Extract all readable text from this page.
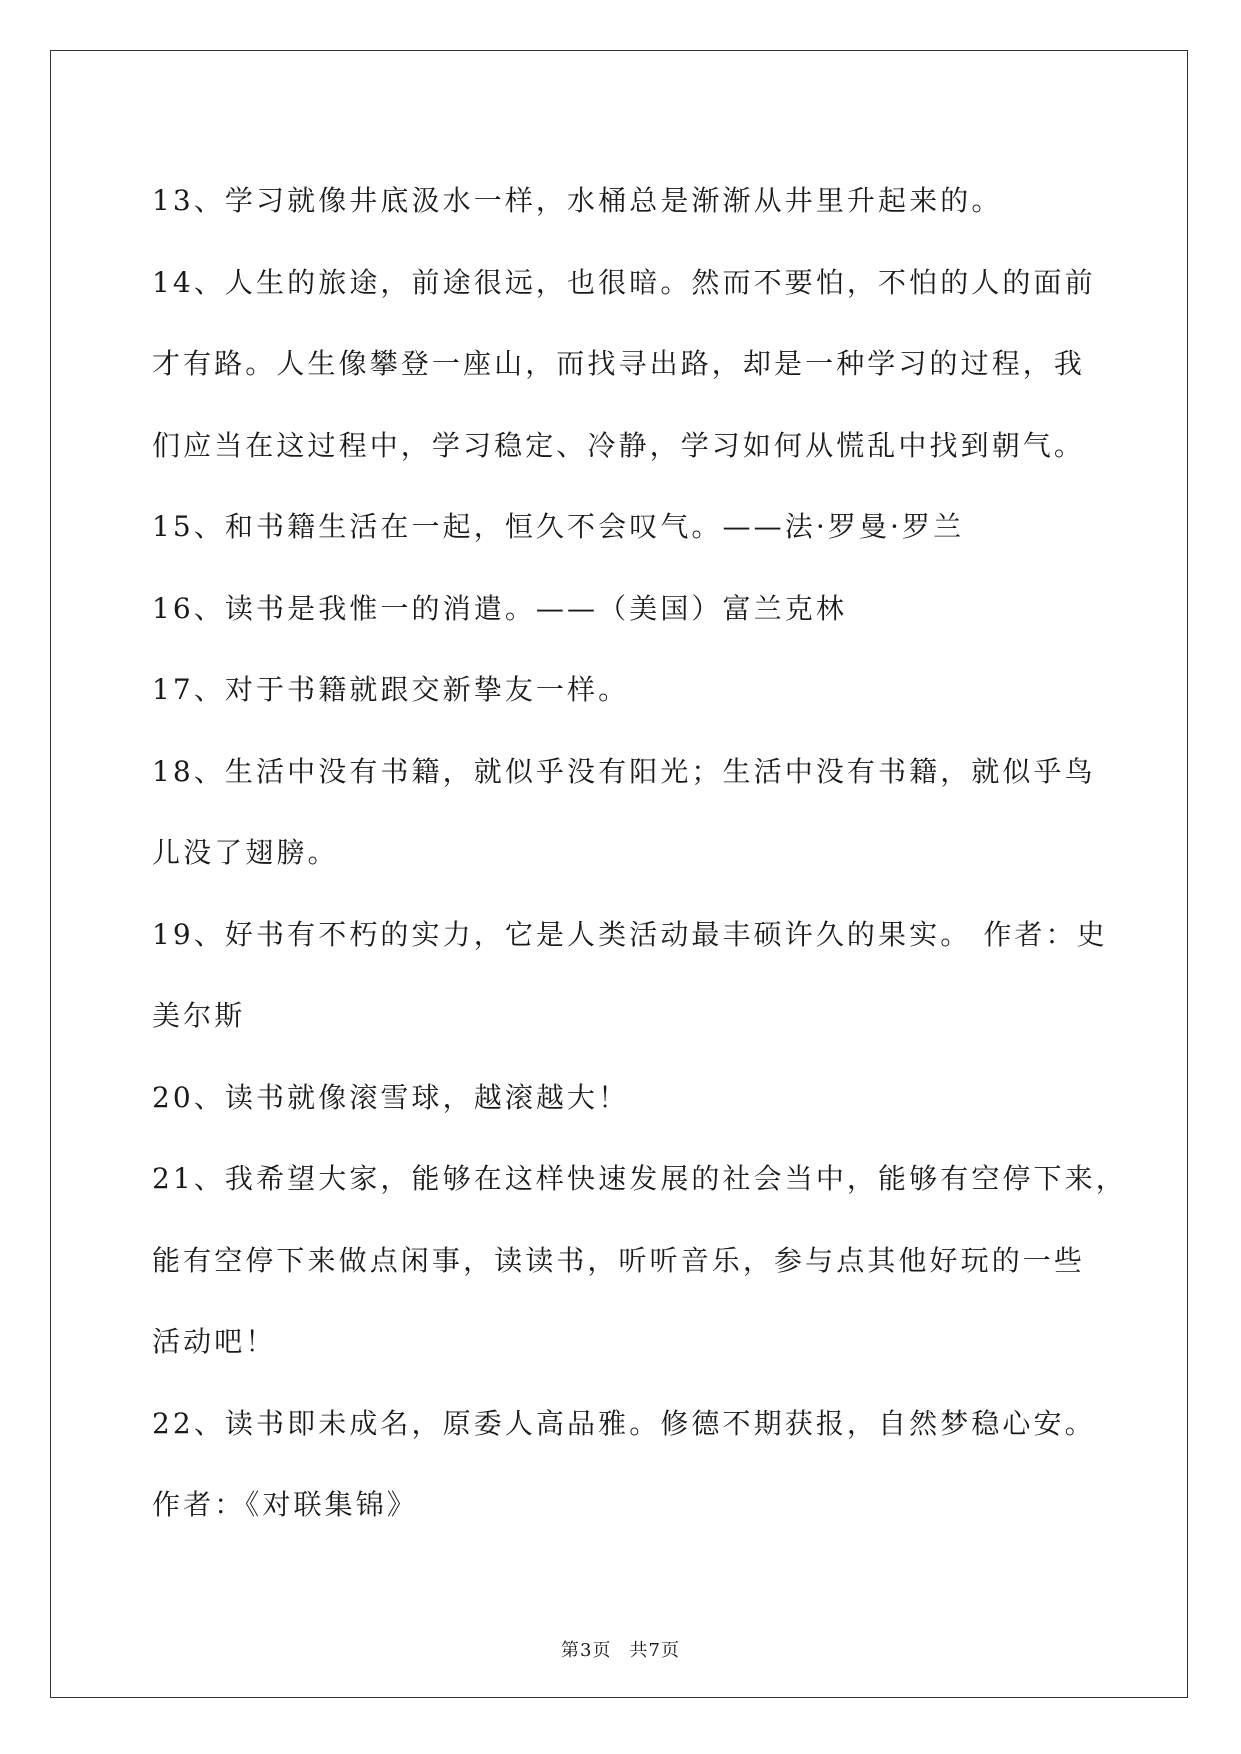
13、学习就像井底汲水一样，水桶总是渐渐从井里升起来的。

14、人生的旅途，前途很远，也很暗。然而不要怕，不怕的人的面前

才有路。人生像攀登一座山，而找寻出路，却是一种学习的过程，我

们应当在这过程中，学习稳定、冷静，学习如何从慌乱中找到朝气。

15、和书籍生活在一起，恒久不会叹气。——法·罗曼·罗兰

16、读书是我惟一的消遣。——（美国）富兰克林

17、对于书籍就跟交新挚友一样。

18、生活中没有书籍，就似乎没有阳光；生活中没有书籍，就似乎鸟

儿没了翅膀。

19、好书有不朽的实力，它是人类活动最丰硕许久的果实。 作者：史

美尔斯

20、读书就像滚雪球，越滚越大！

21、我希望大家，能够在这样快速发展的社会当中，能够有空停下来，

能有空停下来做点闲事，读读书，听听音乐，参与点其他好玩的一些

活动吧！

22、读书即未成名，原委人高品雅。修德不期获报，自然梦稳心安。

作者：《对联集锦》

第3页 共7页
